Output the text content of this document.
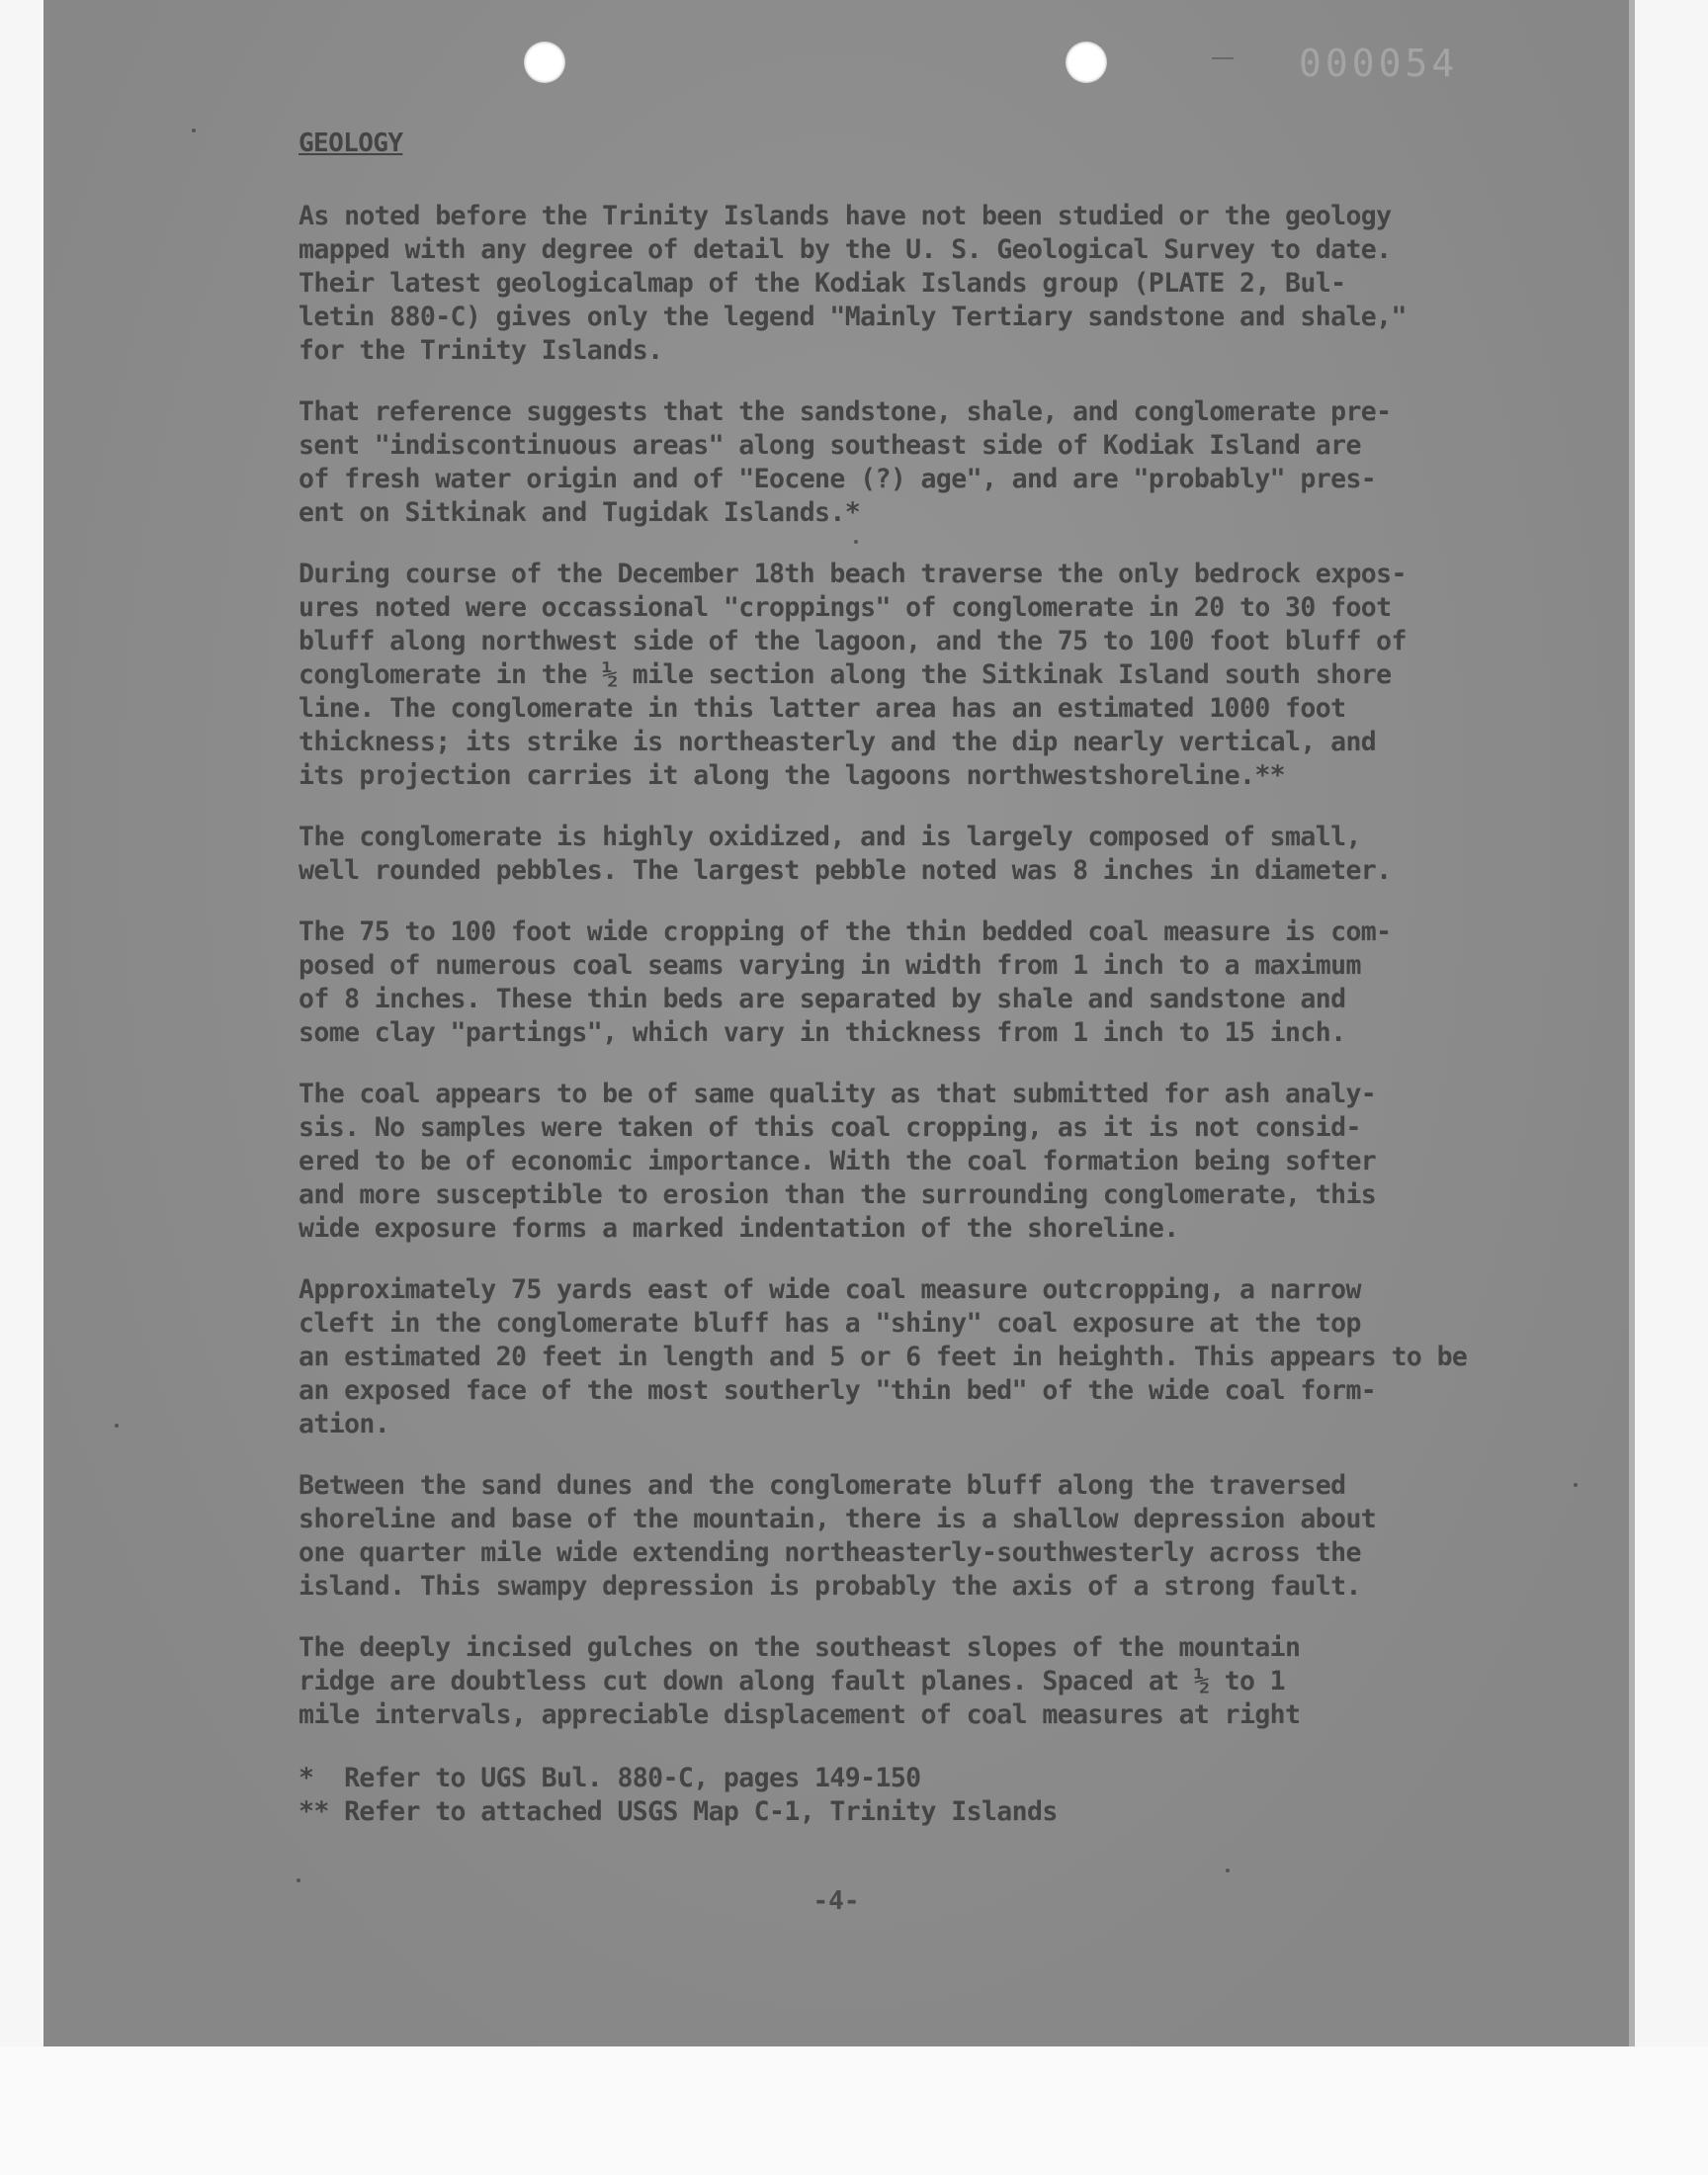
000054
GEOLOGY
As noted before the Trinity Islands have not been studied or the geology
mapped with any degree of detail by the U. S. Geological Survey to date.
Their latest geologicalmap of the Kodiak Islands group (PLATE 2, Bul-
letin 880-C) gives only the legend "Mainly Tertiary sandstone and shale,"
for the Trinity Islands.
That reference suggests that the sandstone, shale, and conglomerate pre-
sent "indiscontinuous areas" along southeast side of Kodiak Island are
of fresh water origin and of "Eocene (?) age", and are "probably" pres-
ent on Sitkinak and Tugidak Islands.*
During course of the December 18th beach traverse the only bedrock expos-
ures noted were occassional "croppings" of conglomerate in 20 to 30 foot
bluff along northwest side of the lagoon, and the 75 to 100 foot bluff of
conglomerate in the ½ mile section along the Sitkinak Island south shore
line. The conglomerate in this latter area has an estimated 1000 foot
thickness; its strike is northeasterly and the dip nearly vertical, and
its projection carries it along the lagoons northwestshoreline.**
The conglomerate is highly oxidized, and is largely composed of small,
well rounded pebbles. The largest pebble noted was 8 inches in diameter.
The 75 to 100 foot wide cropping of the thin bedded coal measure is com-
posed of numerous coal seams varying in width from 1 inch to a maximum
of 8 inches. These thin beds are separated by shale and sandstone and
some clay "partings", which vary in thickness from 1 inch to 15 inch.
The coal appears to be of same quality as that submitted for ash analy-
sis. No samples were taken of this coal cropping, as it is not consid-
ered to be of economic importance. With the coal formation being softer
and more susceptible to erosion than the surrounding conglomerate, this
wide exposure forms a marked indentation of the shoreline.
Approximately 75 yards east of wide coal measure outcropping, a narrow
cleft in the conglomerate bluff has a "shiny" coal exposure at the top
an estimated 20 feet in length and 5 or 6 feet in heighth. This appears to be
an exposed face of the most southerly "thin bed" of the wide coal form-
ation.
Between the sand dunes and the conglomerate bluff along the traversed
shoreline and base of the mountain, there is a shallow depression about
one quarter mile wide extending northeasterly-southwesterly across the
island. This swampy depression is probably the axis of a strong fault.
The deeply incised gulches on the southeast slopes of the mountain
ridge are doubtless cut down along fault planes. Spaced at ½ to 1
mile intervals, appreciable displacement of coal measures at right
*  Refer to UGS Bul. 880-C, pages 149-150
** Refer to attached USGS Map C-1, Trinity Islands
-4-
